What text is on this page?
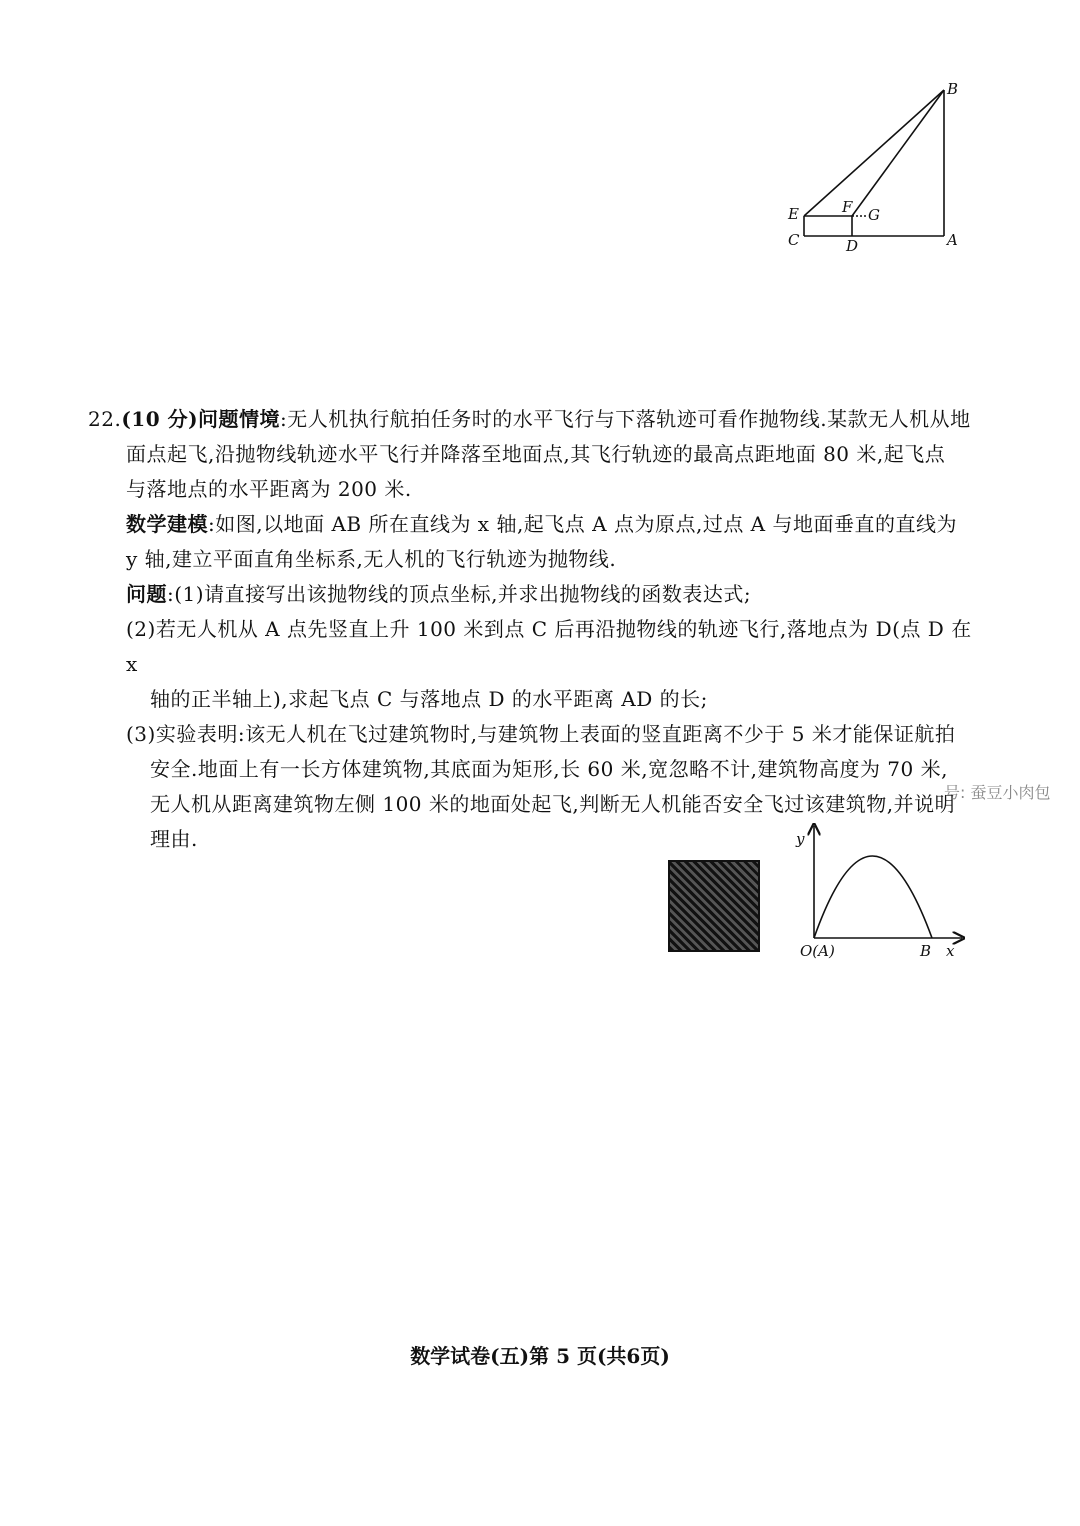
B
E	F G
C	D	A

22.(10 分)问题情境:无人机执行航拍任务时的水平飞行与下落轨迹可看作抛物线.某款无人机从地

面点起飞,沿抛物线轨迹水平飞行并降落至地面点,其飞行轨迹的最高点距地面 80 米,起飞点

与落地点的水平距离为 200 米.

数学建模:如图,以地面 AB 所在直线为 x 轴,起飞点 A 点为原点,过点 A 与地面垂直的直线为

y 轴,建立平面直角坐标系,无人机的飞行轨迹为抛物线.

问题:(1)请直接写出该抛物线的顶点坐标,并求出抛物线的函数表达式;

(2)若无人机从 A 点先竖直上升 100 米到点 C 后再沿抛物线的轨迹飞行,落地点为 D(点 D 在 x

轴的正半轴上),求起飞点 C 与落地点 D 的水平距离 AD 的长;

(3)实验表明:该无人机在飞过建筑物时,与建筑物上表面的竖直距离不少于 5 米才能保证航拍

安全.地面上有一长方体建筑物,其底面为矩形,长 60 米,宽忽略不计,建筑物高度为 70 米,

无人机从距离建筑物左侧 100 米的地面处起飞,判断无人机能否安全飞过该建筑物,并说明

理由.

号: 蚕豆小肉包
y
x
O(A)	B
数学试卷(五)第 5 页(共6页)
